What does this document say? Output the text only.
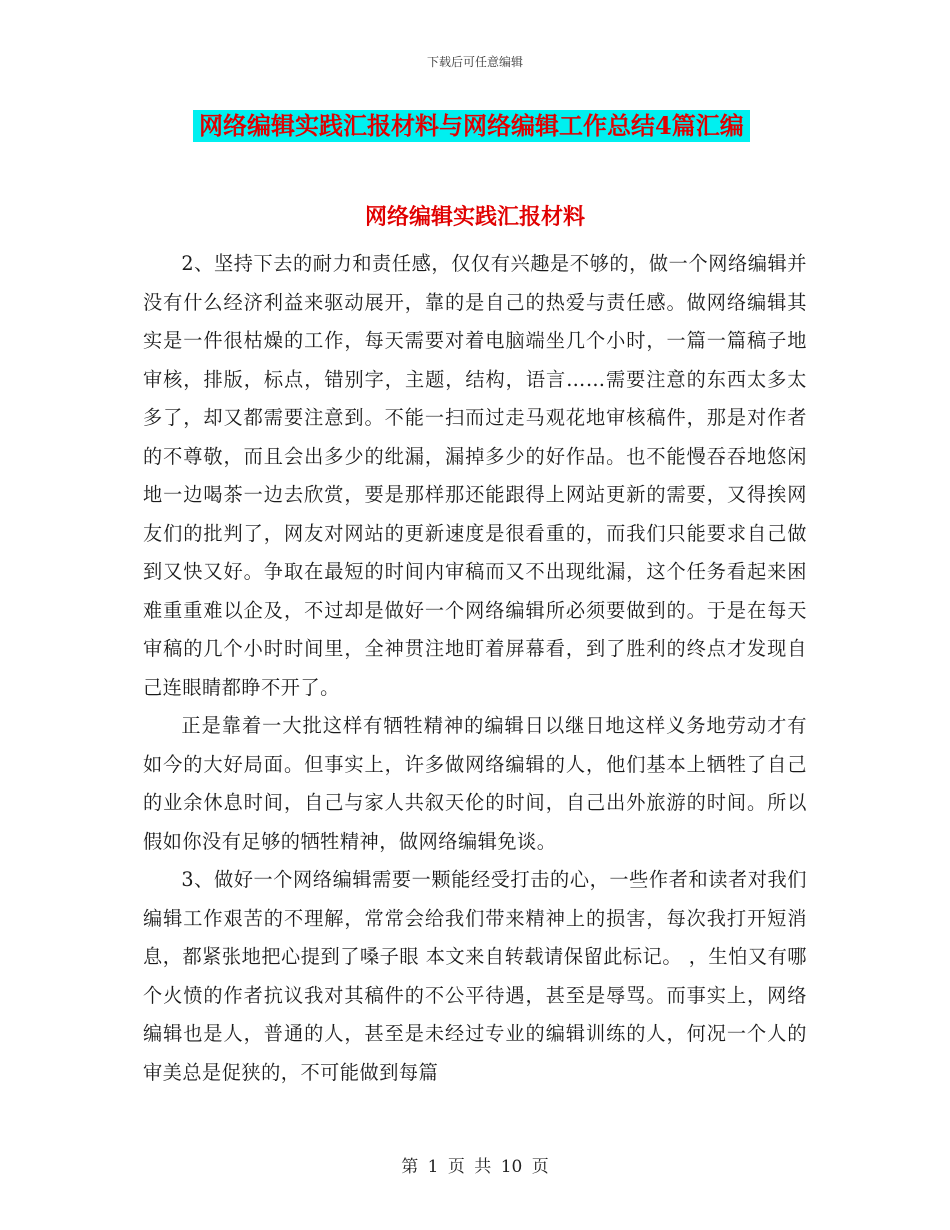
下载后可任意编辑
网络编辑实践汇报材料与网络编辑工作总结4篇汇编
网络编辑实践汇报材料

2、坚持下去的耐力和责任感，仅仅有兴趣是不够的，做一个网络编辑并没有什么经济利益来驱动展开，靠的是自己的热爱与责任感。做网络编辑其实是一件很枯燥的工作，每天需要对着电脑端坐几个小时，一篇一篇稿子地审核，排版，标点，错别字，主题，结构，语言……需要注意的东西太多太多了，却又都需要注意到。不能一扫而过走马观花地审核稿件，那是对作者的不尊敬，而且会出多少的纰漏，漏掉多少的好作品。也不能慢吞吞地悠闲地一边喝茶一边去欣赏，要是那样那还能跟得上网站更新的需要，又得挨网友们的批判了，网友对网站的更新速度是很看重的，而我们只能要求自己做到又快又好。争取在最短的时间内审稿而又不出现纰漏，这个任务看起来困难重重难以企及，不过却是做好一个网络编辑所必须要做到的。于是在每天审稿的几个小时时间里，全神贯注地盯着屏幕看，到了胜利的终点才发现自己连眼睛都睁不开了。

正是靠着一大批这样有牺牲精神的编辑日以继日地这样义务地劳动才有如今的大好局面。但事实上，许多做网络编辑的人，他们基本上牺牲了自己的业余休息时间，自己与家人共叙天伦的时间，自己出外旅游的时间。所以假如你没有足够的牺牲精神，做网络编辑免谈。

3、做好一个网络编辑需要一颗能经受打击的心，一些作者和读者对我们编辑工作艰苦的不理解，常常会给我们带来精神上的损害，每次我打开短消息，都紧张地把心提到了嗓子眼 本文来自转载请保留此标记。 ，生怕又有哪个火愤的作者抗议我对其稿件的不公平待遇，甚至是辱骂。而事实上，网络编辑也是人，普通的人，甚至是未经过专业的编辑训练的人，何况一个人的审美总是促狭的，不可能做到每篇

第 1 页 共 10 页
